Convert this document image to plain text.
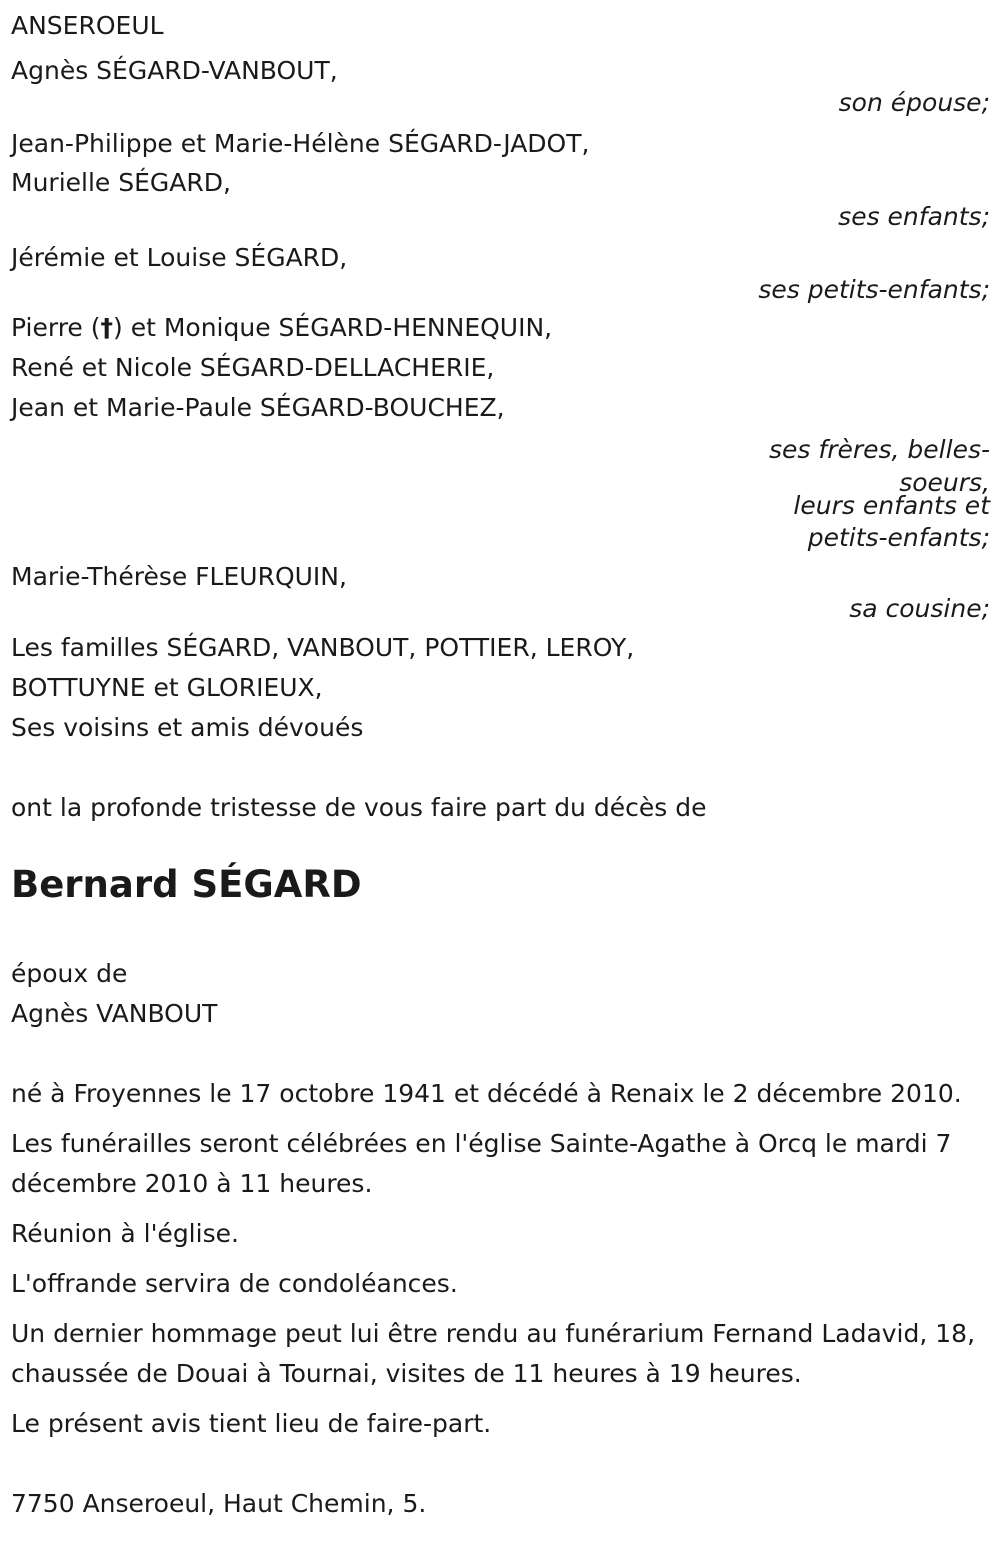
ANSEROEUL
Agnès SÉGARD-VANBOUT,
son épouse;
Jean-Philippe et Marie-Hélène SÉGARD-JADOT,
Murielle SÉGARD,
ses enfants;
Jérémie et Louise SÉGARD,
ses petits-enfants;
Pierre (†) et Monique SÉGARD-HENNEQUIN,
René et Nicole SÉGARD-DELLACHERIE,
Jean et Marie-Paule SÉGARD-BOUCHEZ,
ses frères, belles-
soeurs,
leurs enfants et
petits-enfants;
Marie-Thérèse FLEURQUIN,
sa cousine;
Les familles SÉGARD, VANBOUT, POTTIER, LEROY,
BOTTUYNE et GLORIEUX,
Ses voisins et amis dévoués
ont la profonde tristesse de vous faire part du décès de
Bernard SÉGARD
époux de
Agnès VANBOUT
né à Froyennes le 17 octobre 1941 et décédé à Renaix le 2 décembre 2010.
Les funérailles seront célébrées en l'église Sainte-Agathe à Orcq le mardi 7 décembre 2010 à 11 heures.
Réunion à l'église.
L'offrande servira de condoléances.
Un dernier hommage peut lui être rendu au funérarium Fernand Ladavid, 18, chaussée de Douai à Tournai, visites de 11 heures à 19 heures.
Le présent avis tient lieu de faire-part.
7750 Anseroeul, Haut Chemin, 5.
